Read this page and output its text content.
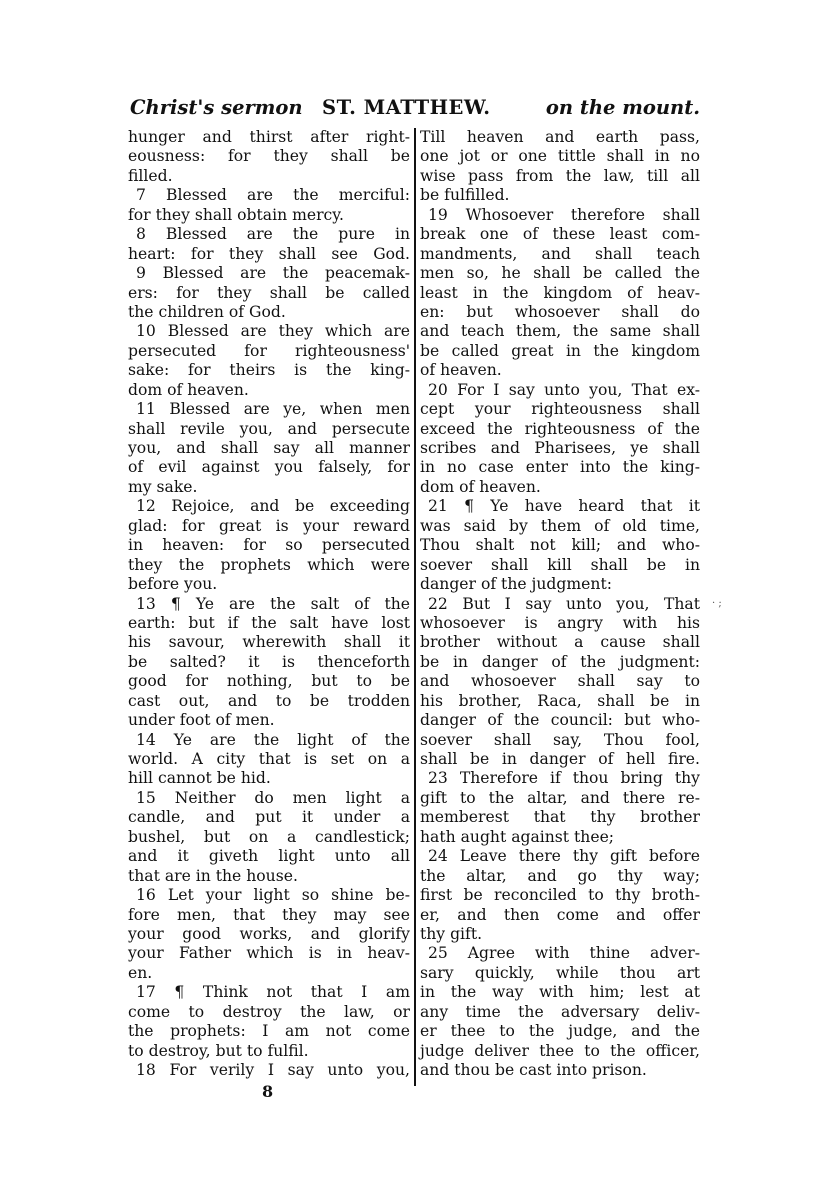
Christ's sermon ST. MATTHEW.	on the mount.
hunger and thirst after right-
eousness: for they shall be
filled.
7 Blessed are the merciful:
for they shall obtain mercy.
8 Blessed are the pure in
heart: for they shall see God.
9 Blessed are the peacemak-
ers: for they shall be called
the children of God.
10 Blessed are they which are
persecuted for righteousness'
sake: for theirs is the king-
dom of heaven.
11 Blessed are ye, when men
shall revile you, and persecute
you, and shall say all manner
of evil against you falsely, for
my sake.
12 Rejoice, and be exceeding
glad: for great is your reward
in heaven: for so persecuted
they the prophets which were
before you.
13 ¶ Ye are the salt of the
earth: but if the salt have lost
his savour, wherewith shall it
be salted? it is thenceforth
good for nothing, but to be
cast out, and to be trodden
under foot of men.
14 Ye are the light of the
world. A city that is set on a
hill cannot be hid.
15 Neither do men light a
candle, and put it under a
bushel, but on a candlestick;
and it giveth light unto all
that are in the house.
16 Let your light so shine be-
fore men, that they may see
your good works, and glorify
your Father which is in heav-
en.
17 ¶ Think not that I am
come to destroy the law, or
the prophets: I am not come
to destroy, but to fulfil.
18 For verily I say unto you,
Till heaven and earth pass,
one jot or one tittle shall in no
wise pass from the law, till all
be fulfilled.
19 Whosoever therefore shall
break one of these least com-
mandments, and shall teach
men so, he shall be called the
least in the kingdom of heav-
en: but whosoever shall do
and teach them, the same shall
be called great in the kingdom
of heaven.
20 For I say unto you, That ex-
cept your righteousness shall
exceed the righteousness of the
scribes and Pharisees, ye shall
in no case enter into the king-
dom of heaven.
21 ¶ Ye have heard that it
was said by them of old time,
Thou shalt not kill; and who-
soever shall kill shall be in
danger of the judgment:
22 But I say unto you, That
whosoever is angry with his
brother without a cause shall
be in danger of the judgment:
and whosoever shall say to
his brother, Raca, shall be in
danger of the council: but who-
soever shall say, Thou fool,
shall be in danger of hell fire.
23 Therefore if thou bring thy
gift to the altar, and there re-
memberest that thy brother
hath aught against thee;
24 Leave there thy gift before
the altar, and go thy way;
first be reconciled to thy broth-
er, and then come and offer
thy gift.
25 Agree with thine adver-
sary quickly, while thou art
in the way with him; lest at
any time the adversary deliv-
er thee to the judge, and the
judge deliver thee to the officer,
and thou be cast into prison.
8
· ;
